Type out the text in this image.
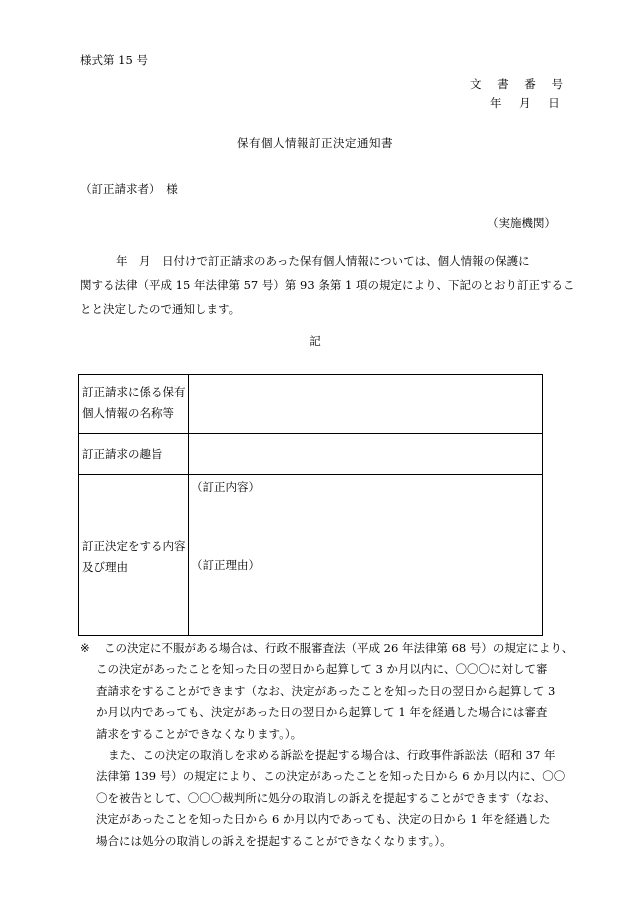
様式第 15 号
文 書 番 号
年 月 日
保有個人情報訂正決定通知書
（訂正請求者）　様
（実施機関）
年　月　日付けで訂正請求のあった保有個人情報については、個人情報の保護に
関する法律（平成 15 年法律第 57 号）第 93 条第 1 項の規定により、下記のとおり訂正するこ
とと決定したので通知します。
記
訂正請求に係る保有
個人情報の名称等
訂正請求の趣旨
（訂正内容）
訂正決定をする内容
及び理由	（訂正理由）
※ この決定に不服がある場合は、行政不服審査法（平成 26 年法律第 68 号）の規定により、
この決定があったことを知った日の翌日から起算して 3 か月以内に、〇〇〇に対して審
査請求をすることができます（なお、決定があったことを知った日の翌日から起算して 3
か月以内であっても、決定があった日の翌日から起算して 1 年を経過した場合には審査
請求をすることができなくなります。）。
また、この決定の取消しを求める訴訟を提起する場合は、行政事件訴訟法（昭和 37 年
法律第 139 号）の規定により、この決定があったことを知った日から 6 か月以内に、〇〇
〇を被告として、〇〇〇裁判所に処分の取消しの訴えを提起することができます（なお、
決定があったことを知った日から 6 か月以内であっても、決定の日から 1 年を経過した
場合には処分の取消しの訴えを提起することができなくなります。）。
